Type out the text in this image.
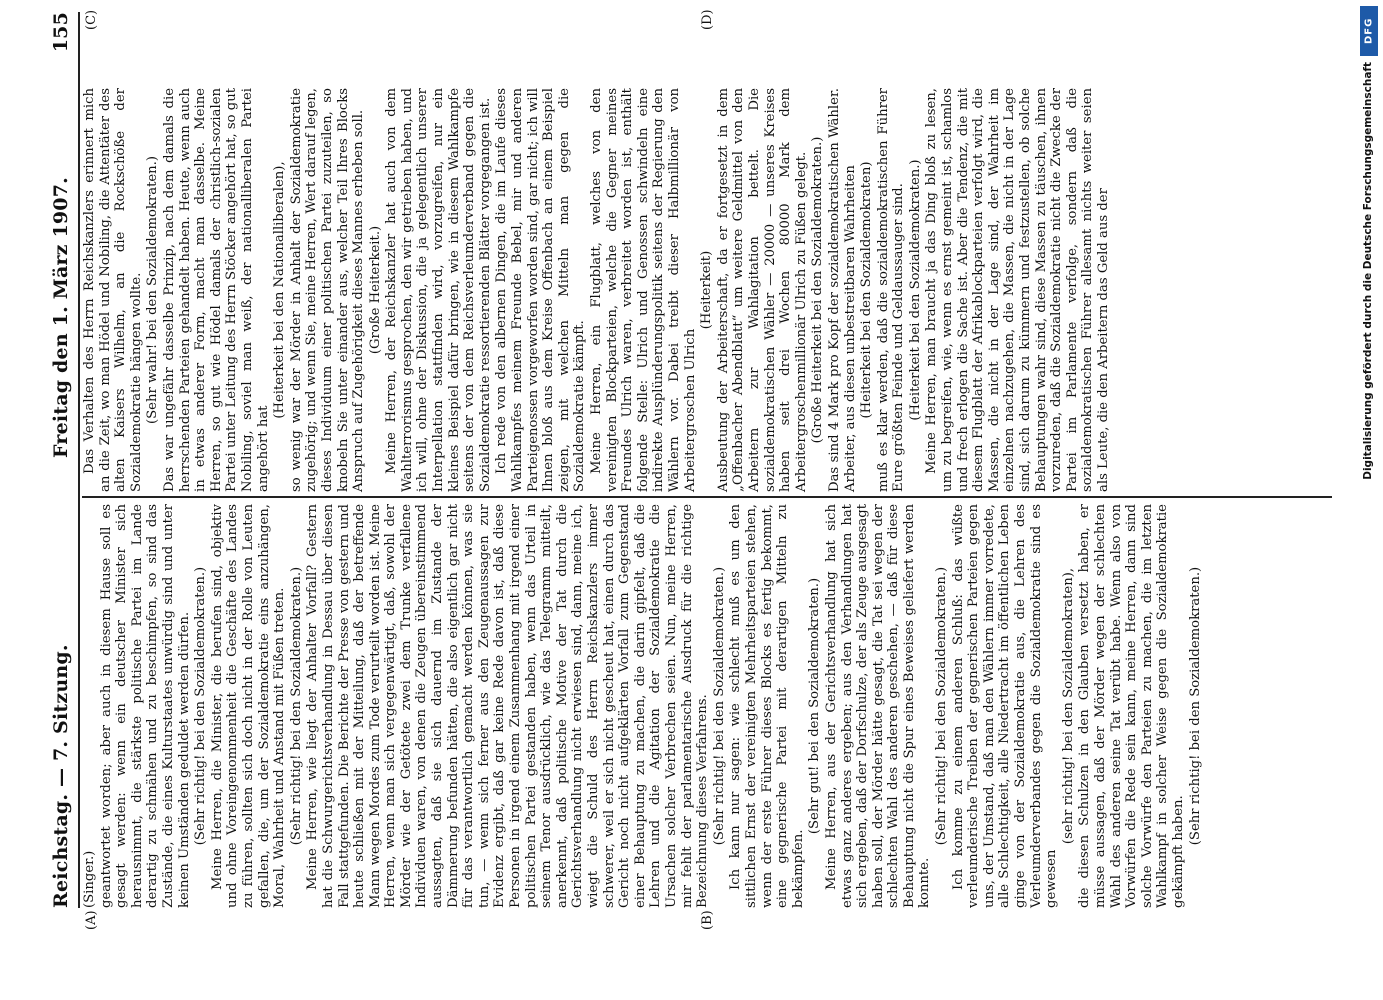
Reichstag. — 7. Sitzung.
Freitag den 1. März 1907.
155
(A)	(B)
(C)	(D)

(Singer.) geantwortet worden; aber auch in diesem Hause soll es gesagt werden: wenn ein deutscher Minister sich herausnimmt, die stärkste politische Partei im Lande derartig zu schmähen und zu beschimpfen, so sind das Zustände, die eines Kulturstaates unwürdig sind und unter keinen Umständen geduldet werden dürfen. (Sehr richtig! bei den Sozialdemokraten.) Meine Herren, die Minister, die berufen sind, objektiv und ohne Voreingenommenheit die Geschäfte des Landes zu führen, sollten sich doch nicht in der Rolle von Leuten gefallen, die, um der Sozialdemokratie eins anzuhängen, Moral, Wahrheit und Anstand mit Füßen treten. (Sehr richtig! bei den Sozialdemokraten.) Meine Herren, wie liegt der Anhalter Vorfall? Gestern hat die Schwurgerichtsverhandlung in Dessau über diesen Fall stattgefunden. Die Berichte der Presse von gestern und heute schließen mit der Mitteilung, daß der betreffende Mann wegen Mordes zum Tode verurteilt worden ist. Meine Herren, wenn man sich vergegenwärtigt, daß, sowohl der Mörder wie der Getötete zwei dem Trunke verfallene Individuen waren, von denen die Zeugen übereinstimmend aussagten, daß sie sich dauernd im Zustande der Dämmerung befunden hätten, die also eigentlich gar nicht für das verantwortlich gemacht werden können, was sie tun, — wenn sich ferner aus den Zeugenaussagen zur Evidenz ergibt, daß gar keine Rede davon ist, daß diese Personen in irgend einem Zusammenhang mit irgend einer politischen Partei gestanden haben, wenn das Urteil in seinem Tenor ausdrücklich, wie das Telegramm mitteilt, anerkennt, daß politische Motive der Tat durch die Gerichtsverhandlung nicht erwiesen sind, dann, meine ich, wiegt die Schuld des Herrn Reichskanzlers immer schwerer, weil er sich nicht gescheut hat, einen durch das Gericht noch nicht aufgeklärten Vorfall zum Gegenstand einer Behauptung zu machen, die darin gipfelt, daß die Lehren und die Agitation der Sozialdemokratie die Ursachen solcher Verbrechen seien. Nun, meine Herren, mir fehlt der parlamentarische Ausdruck für die richtige Bezeichnung dieses Verfahrens. (Sehr richtig! bei den Sozialdemokraten.) Ich kann nur sagen: wie schlecht muß es um den sittlichen Ernst der vereinigten Mehrheitsparteien stehen, wenn der erste Führer dieses Blocks es fertig bekommt, eine gegnerische Partei mit derartigen Mitteln zu bekämpfen.

(Sehr gut! bei den Sozialdemokraten.) Meine Herren, aus der Gerichtsverhandlung hat sich etwas ganz anderes ergeben; aus den Verhandlungen hat sich ergeben, daß der Dorfschulze, der als Zeuge ausgesagt haben soll, der Mörder hätte gesagt, die Tat sei wegen der schlechten Wahl des anderen geschehen, — daß für diese Behauptung nicht die Spur eines Beweises geliefert werden konnte.

(Sehr richtig! bei den Sozialdemokraten.) Ich komme zu einem anderen Schluß: das wüßte verleumderische Treiben der gegnerischen Parteien gegen uns, der Umstand, daß man den Wählern immer vorredete, alle Schlechtigkeit, alle Niedertracht im öffentlichen Leben ginge von der Sozialdemokratie aus, die Lehren des Verleumderverbandes gegen die Sozialdemokratie sind es gewesen

(sehr richtig! bei den Sozialdemokraten), die diesen Schulzen in den Glauben versetzt haben, er müsse aussagen, daß der Mörder wegen der schlechten Wahl des anderen seine Tat verübt habe. Wenn also von Vorwürfen die Rede sein kann, meine Herren, dann sind solche Vorwürfe den Parteien zu machen, die im letzten Wahlkampf in solcher Weise gegen die Sozialdemokratie gekämpft haben.

(Sehr richtig! bei den Sozialdemokraten.)

Das Verhalten des Herrn Reichskanzlers erinnert mich an die Zeit, wo man Hödel und Nobiling, die Attentäter des alten Kaisers Wilhelm, an die Rockschöße der Sozialdemokratie hängen wollte. (Sehr wahr! bei den Sozialdemokraten.) Das war ungefähr dasselbe Prinzip, nach dem damals die herrschenden Parteien gehandelt haben. Heute, wenn auch in etwas anderer Form, macht man dasselbe. Meine Herren, so gut wie Hödel damals der christlich-sozialen Partei unter Leitung des Herrn Stöcker angehört hat, so gut Nobiling, soviel man weiß, der nationalliberalen Partei angehört hat

(Heiterkeit bei den Nationalliberalen), so wenig war der Mörder in Anhalt der Sozialdemokratie zugehörig; und wenn Sie, meine Herren, Wert darauf legen, dieses Individuum einer politischen Partei zuzuteilen, so knobeln Sie unter einander aus, welcher Teil Ihres Blocks Anspruch auf Zugehörigkeit dieses Mannes erheben soll. (Große Heiterkeit.) Meine Herren, der Reichskanzler hat auch von dem Wahlterrorismus gesprochen, den wir getrieben haben, und ich will, ohne der Diskussion, die ja gelegentlich unserer Interpellation stattfinden wird, vorzugreifen, nur ein kleines Beispiel dafür bringen, wie in diesem Wahlkampfe seitens der von dem Reichsverleumderverband gegen die Sozialdemokratie ressortierenden Blätter vorgegangen ist. Ich rede von den albernen Dingen, die im Laufe dieses Wahlkampfes meinem Freunde Bebel, mir und anderen Parteigenossen vorgeworfen worden sind, gar nicht; ich will Ihnen bloß aus dem Kreise Offenbach an einem Beispiel zeigen, mit welchen Mitteln man gegen die Sozialdemokratie kämpft. Meine Herren, ein Flugblatt, welches von den vereinigten Blockparteien, welche die Gegner meines Freundes Ulrich waren, verbreitet worden ist, enthält folgende Stelle: Ulrich und Genossen schwindeln eine indirekte Ausplünderungspolitik seitens der Regierung den Wählern vor. Dabei treibt dieser Halbmillionär von Arbeitergroschen Ulrich

(Heiterkeit) Ausbeutung der Arbeiterschaft, da er fortgesetzt in dem „Offenbacher Abendblatt“ um weitere Geldmittel von den Arbeitern zur Wahlagitation bettelt. Die sozialdemokratischen Wähler — 20000 — unseres Kreises haben seit drei Wochen 80000 Mark dem Arbeitergroschenmillionär Ulrich zu Füßen gelegt. (Große Heiterkeit bei den Sozialdemokraten.) Das sind 4 Mark pro Kopf der sozialdemokratischen Wähler. Arbeiter, aus diesen unbestreitbaren Wahrheiten (Heiterkeit bei den Sozialdemokraten) muß es klar werden, daß die sozialdemokratischen Führer Eure größten Feinde und Geldaussauger sind. (Heiterkeit bei den Sozialdemokraten.) Meine Herren, man braucht ja das Ding bloß zu lesen, um zu begreifen, wie, wenn es ernst gemeint ist, schamlos und frech erlogen die Sache ist. Aber die Tendenz, die mit diesem Flugblatt der Afrikablockparteien verfolgt wird, die Massen, die nicht in der Lage sind, der Wahrheit im einzelnen nachzugehen, die Massen, die nicht in der Lage sind, sich darum zu kümmern und festzustellen, ob solche Behauptungen wahr sind, diese Massen zu täuschen, ihnen vorzureden, daß die Sozialdemokratie nicht die Zwecke der Partei im Parlamente verfolge, sondern daß die sozialdemokratischen Führer allesamt nichts weiter seien als Leute, die den Arbeitern das Geld aus der

DFG
Digitalisierung gefördert durch die Deutsche Forschungsgemeinschaft
